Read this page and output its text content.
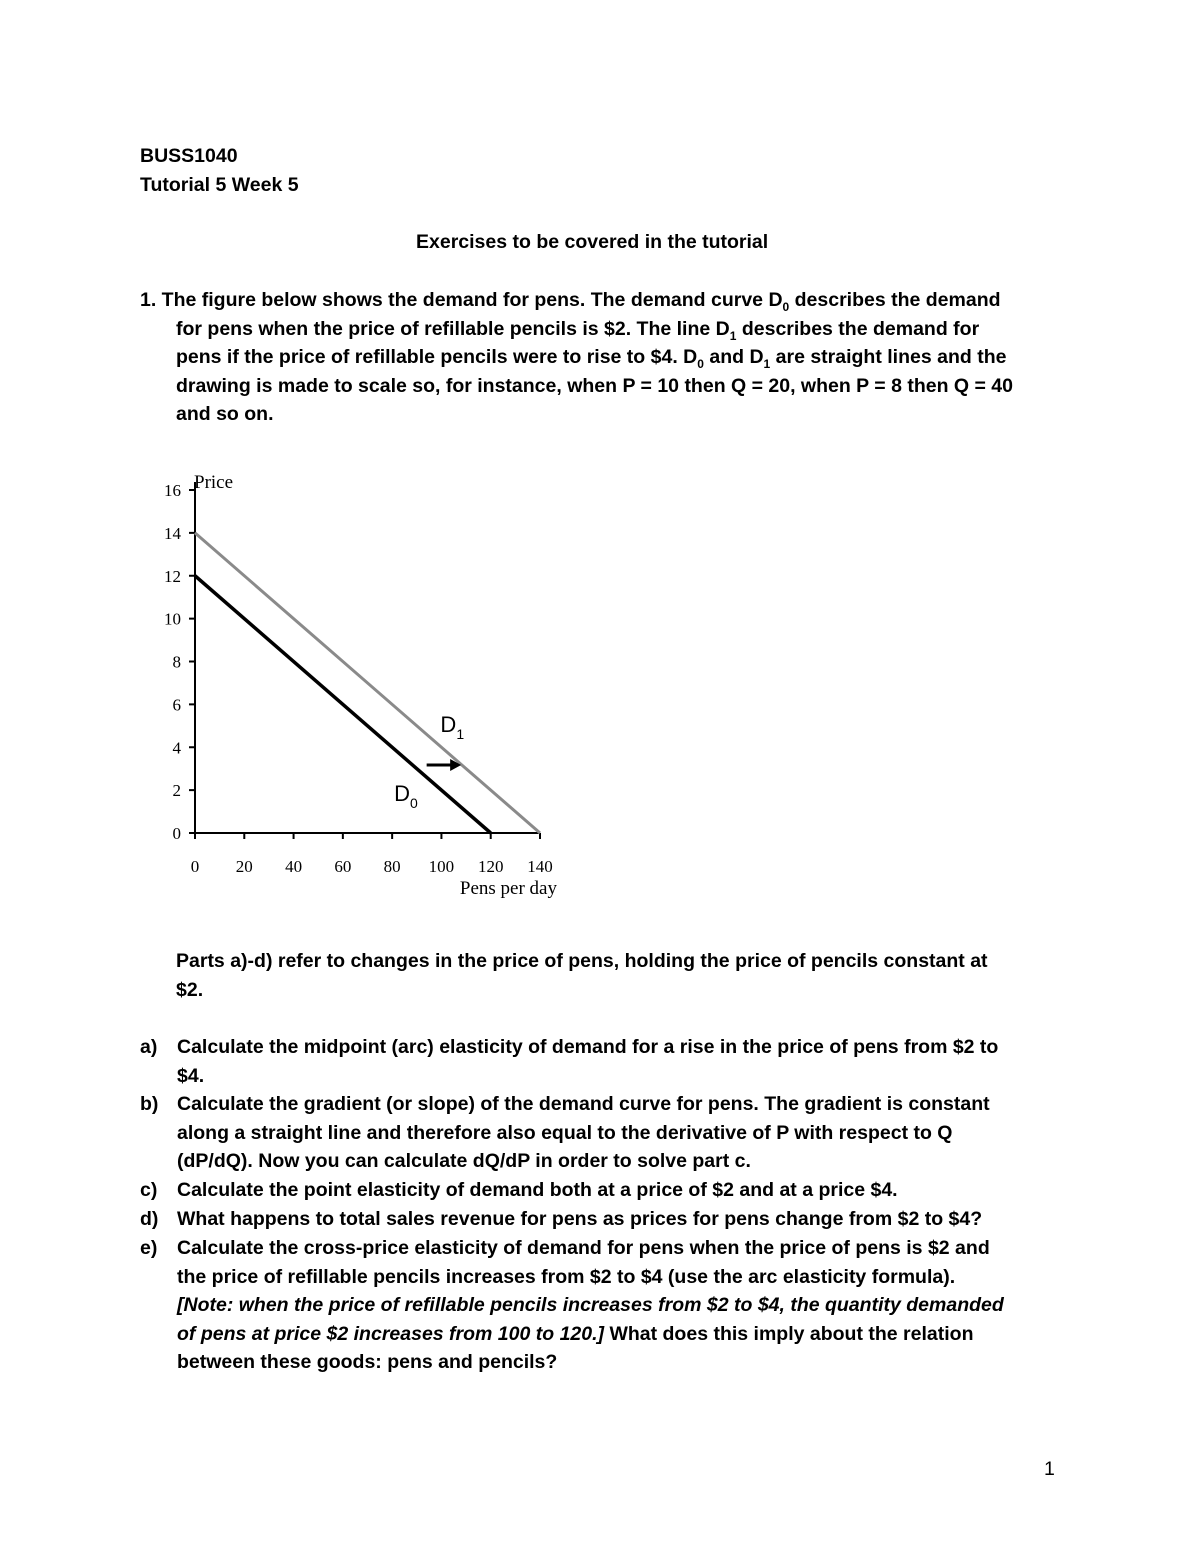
BUSS1040
Tutorial 5 Week 5
Exercises to be covered in the tutorial
1. The figure below shows the demand for pens. The demand curve $D_0$ describes the demand
for pens when the price of refillable pencils is $2. The line $D_1$ describes the demand for
pens if the price of refillable pencils were to rise to $4. $D_0$ and $D_1$ are straight lines and the
drawing is made to scale so, for instance, when P = 10 then Q = 20, when P = 8 then Q = 40
and so on.
0
2
4
6
8
10
12
14
16
0 20 40 60 80 100 120 140
Price
Pens per day
$D_0$
$D_1$
Parts a)-d) refer to changes in the price of pens, holding the price of pencils constant at
$2.
a) Calculate the midpoint (arc) elasticity of demand for a rise in the price of pens from $2 to
$4.
b) Calculate the gradient (or slope) of the demand curve for pens. The gradient is constant
along a straight line and therefore also equal to the derivative of P with respect to Q
(dP/dQ). Now you can calculate dQ/dP in order to solve part c.
c) Calculate the point elasticity of demand both at a price of $2 and at a price $4.
d) What happens to total sales revenue for pens as prices for pens change from $2 to $4?
e) Calculate the cross-price elasticity of demand for pens when the price of pens is $2 and
the price of refillable pencils increases from $2 to $4 (use the arc elasticity formula).
[Note: when the price of refillable pencils increases from $2 to $4, the quantity demanded
of pens at price $2 increases from 100 to 120.] What does this imply about the relation
between these goods: pens and pencils?
1
